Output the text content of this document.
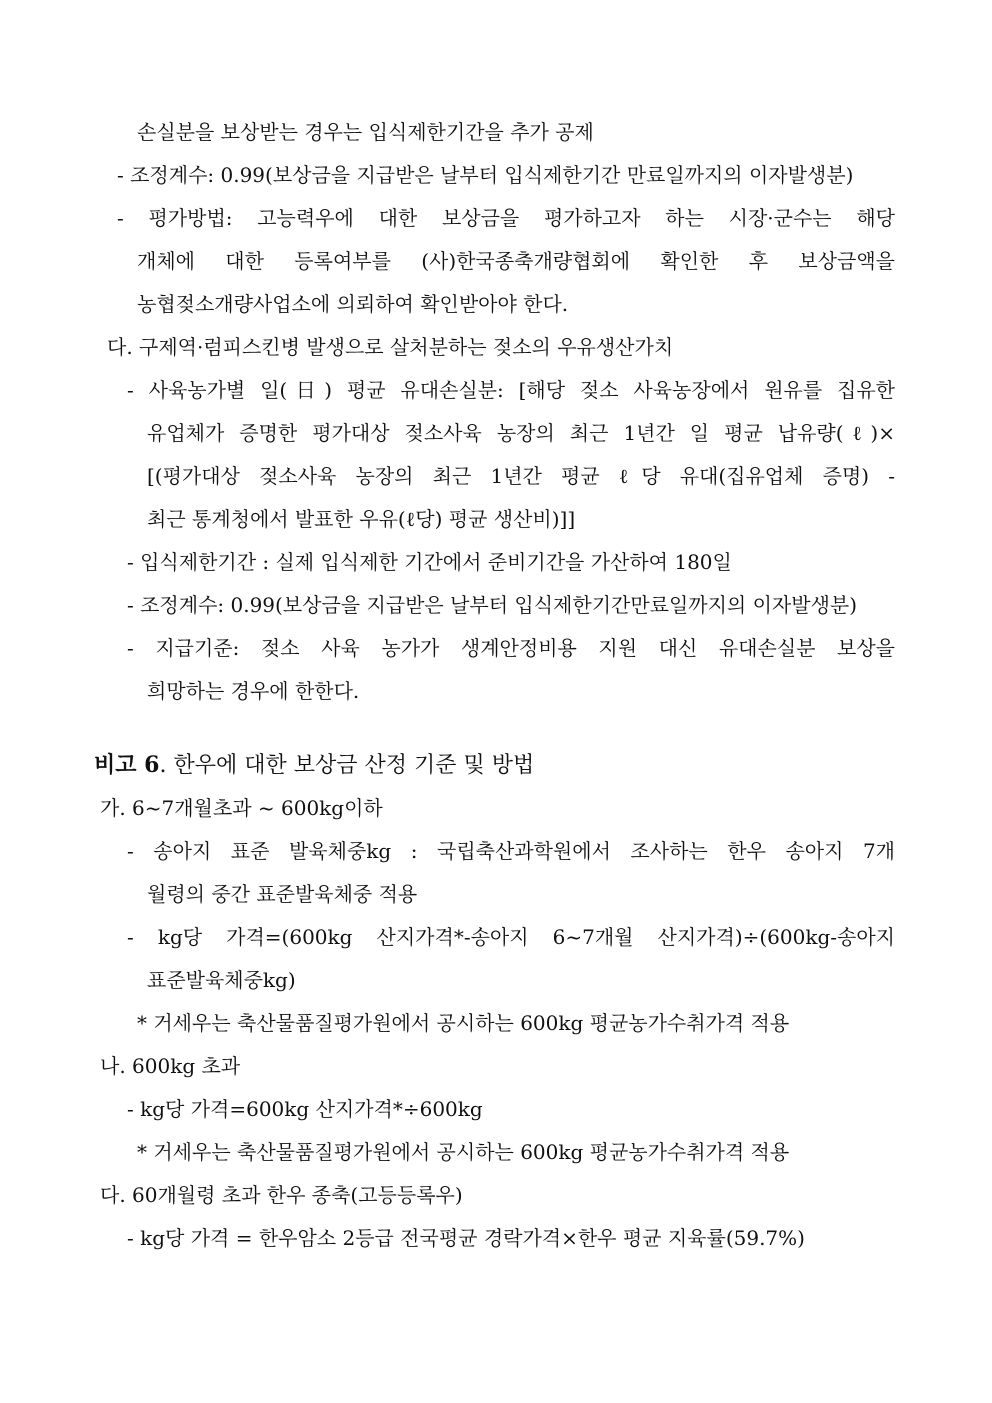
손실분을 보상받는 경우는 입식제한기간을 추가 공제
- 조정계수: 0.99(보상금을 지급받은 날부터 입식제한기간 만료일까지의 이자발생분)
- 평가방법: 고능력우에 대한 보상금을 평가하고자 하는 시장·군수는 해당
개체에 대한 등록여부를 (사)한국종축개량협회에 확인한 후 보상금액을
농협젖소개량사업소에 의뢰하여 확인받아야 한다.
다. 구제역·럼피스킨병 발생으로 살처분하는 젖소의 우유생산가치
- 사육농가별 일(日) 평균 유대손실분: [해당 젖소 사육농장에서 원유를 집유한
유업체가 증명한 평가대상 젖소사육 농장의 최근 1년간 일 평균 납유량(ℓ)×
[(평가대상 젖소사육 농장의 최근 1년간 평균 ℓ당 유대(집유업체 증명) -
최근 통계청에서 발표한 우유(ℓ당) 평균 생산비)]]
- 입식제한기간 : 실제 입식제한 기간에서 준비기간을 가산하여 180일
- 조정계수: 0.99(보상금을 지급받은 날부터 입식제한기간만료일까지의 이자발생분)
- 지급기준: 젖소 사육 농가가 생계안정비용 지원 대신 유대손실분 보상을
희망하는 경우에 한한다.
비고 6. 한우에 대한 보상금 산정 기준 및 방법
가. 6~7개월초과 ~ 600kg이하
- 송아지 표준 발육체중kg : 국립축산과학원에서 조사하는 한우 송아지 7개
월령의 중간 표준발육체중 적용
- kg당 가격=(600kg 산지가격*-송아지 6~7개월 산지가격)÷(600kg-송아지
표준발육체중kg)
* 거세우는 축산물품질평가원에서 공시하는 600kg 평균농가수취가격 적용
나. 600kg 초과
- kg당 가격=600kg 산지가격*÷600kg
* 거세우는 축산물품질평가원에서 공시하는 600kg 평균농가수취가격 적용
다. 60개월령 초과 한우 종축(고등등록우)
- kg당 가격 = 한우암소 2등급 전국평균 경락가격×한우 평균 지육률(59.7%)
